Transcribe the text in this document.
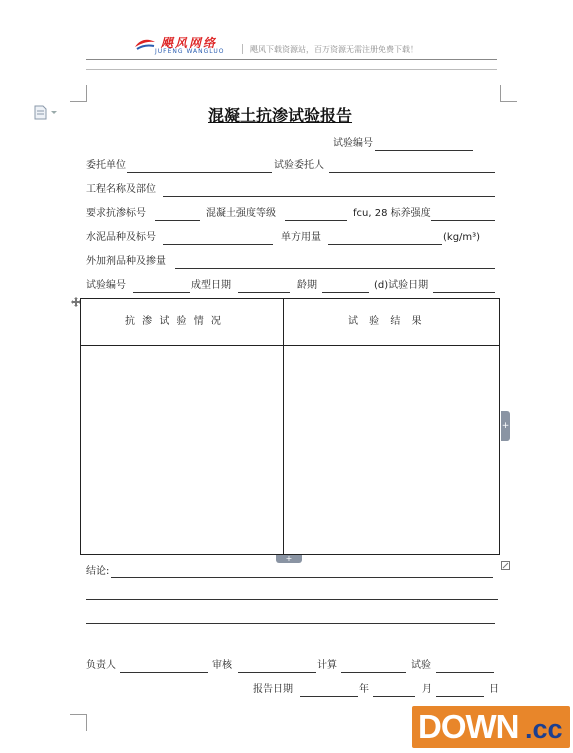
飓风网络
JUFENG WANGLUO	飓风下载资源站，百万资源无需注册免费下载！
混凝土抗渗试验报告
试验编号
委托单位	试验委托人
工程名称及部位
要求抗渗标号	混凝土强度等级	fcu, 28 标养强度
水泥品种及标号	单方用量	(kg/m³)
外加剂品种及掺量
试验编号	成型日期	龄期	(d)试验日期
抗 渗 试 验 情 况	试 验 结 果
+
+
结论:
负责人	审核	计算	试验
报告日期	年	月	日
DOWN .cc
